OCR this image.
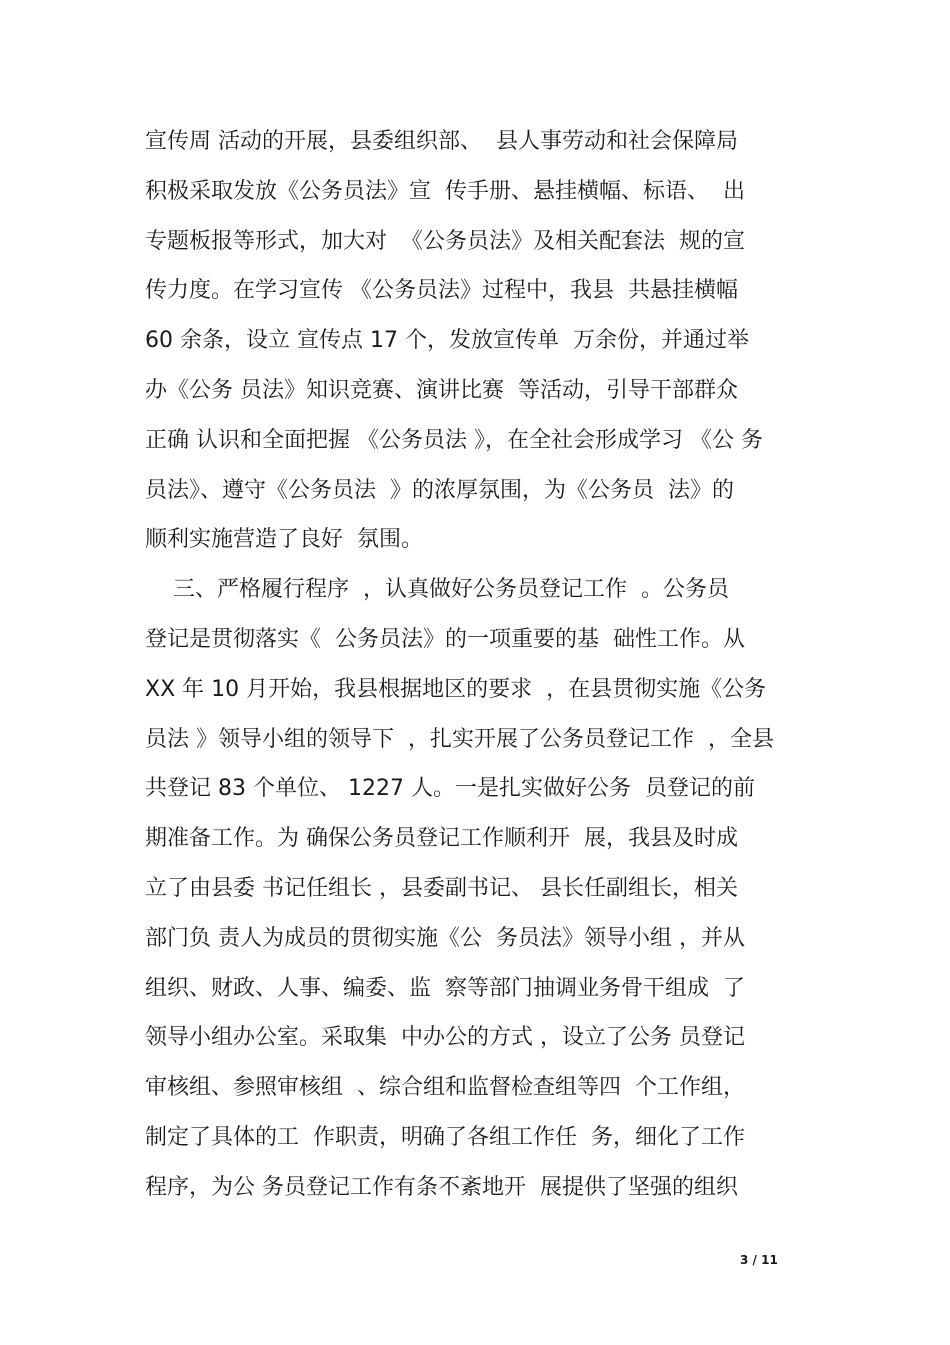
宣传周 活动的开展，县委组织部、  县人事劳动和社会保障局
积极采取发放《公务员法》宣  传手册、悬挂横幅、标语、  出
专题板报等形式，加大对  《公务员法》及相关配套法  规的宣
传力度。在学习宣传 《公务员法》过程中，我县  共悬挂横幅
60 余条，设立 宣传点 17 个，发放宣传单  万余份，并通过举
办《公务 员法》知识竞赛、演讲比赛  等活动，引导干部群众
正确 认识和全面把握 《公务员法 》，在全社会形成学习 《公 务
员法》、遵守《公务员法  》的浓厚氛围，为《公务员  法》的
顺利实施营造了良好  氛围。
三、严格履行程序  ，认真做好公务员登记工作  。公务员
登记是贯彻落实《  公务员法》的一项重要的基  础性工作。从
XX 年 10 月开始，我县根据地区的要求  ，在县贯彻实施《公务
员法 》领导小组的领导下  ，扎实开展了公务员登记工作  ，全县
共登记 83 个单位、 1227 人。一是扎实做好公务  员登记的前
期准备工作。为 确保公务员登记工作顺利开  展，我县及时成
立了由县委 书记任组长 ，县委副书记、 县长任副组长，相关
部门负 责人为成员的贯彻实施《公  务员法》领导小组 ，并从
组织、财政、人事、编委、监  察等部门抽调业务骨干组成  了
领导小组办公室。采取集  中办公的方式 ，设立了公务 员登记
审核组、参照审核组  、综合组和监督检查组等四  个工作组，
制定了具体的工  作职责，明确了各组工作任  务，细化了工作
程序，为公 务员登记工作有条不紊地开  展提供了坚强的组织
3 / 11
